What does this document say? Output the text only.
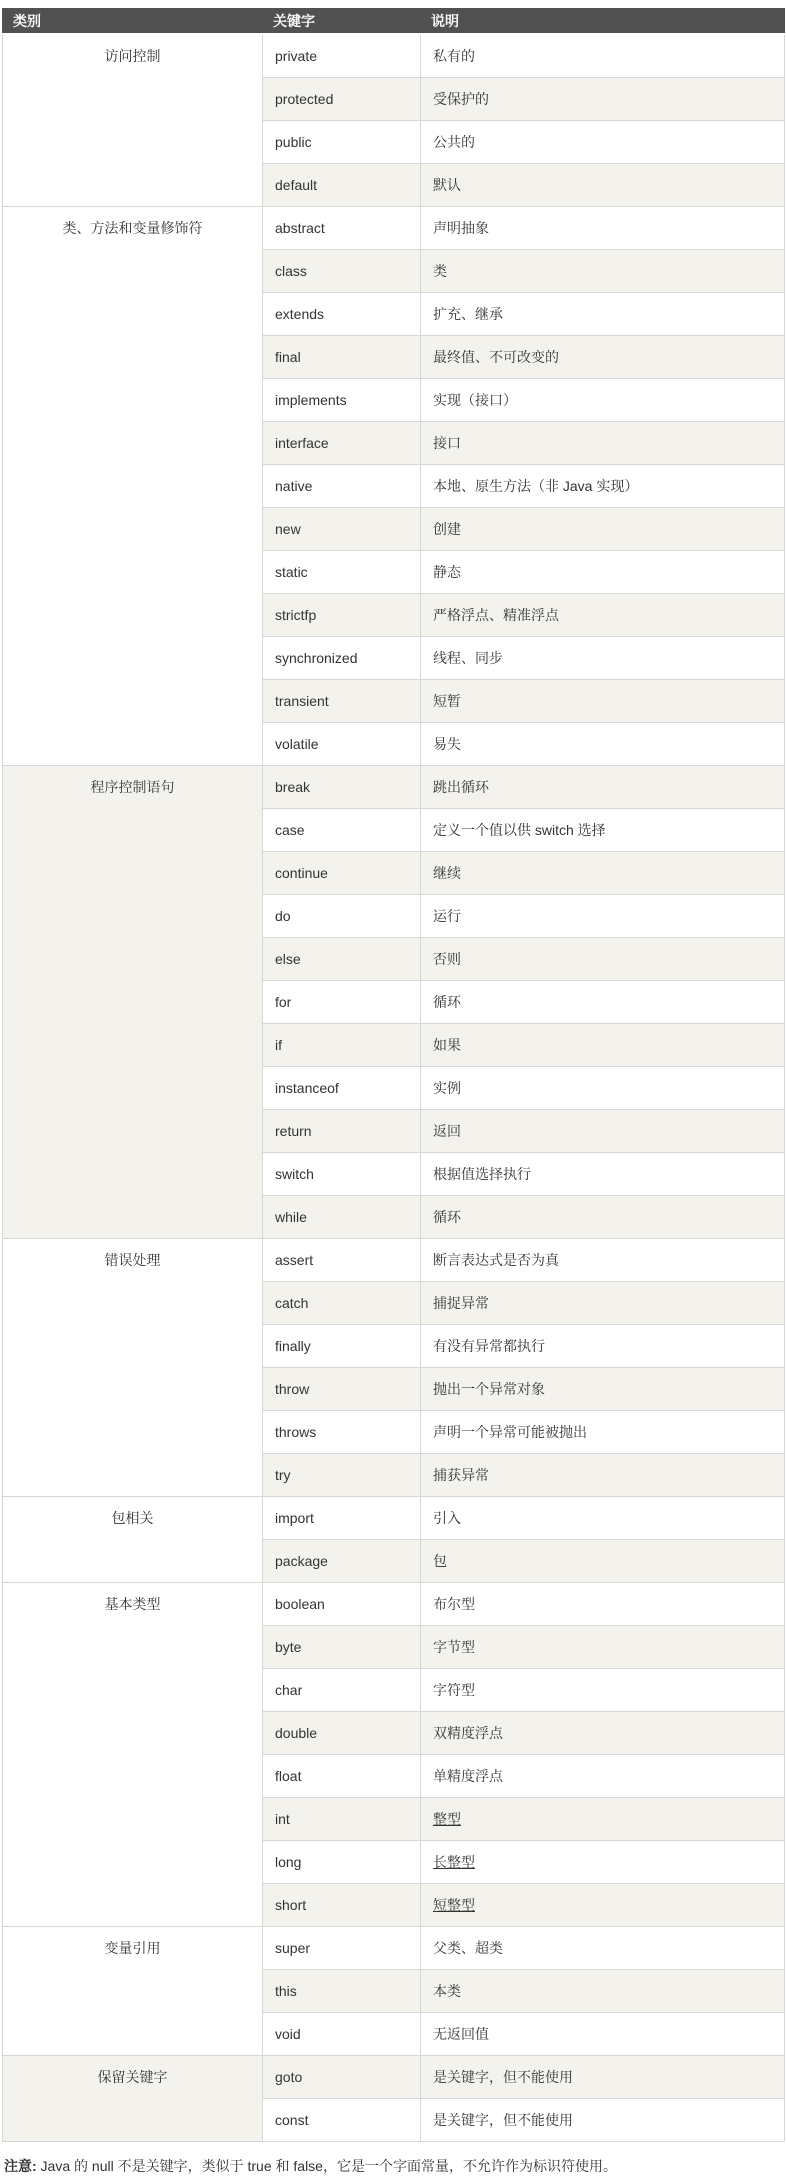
类别	关键字	说明
访问控制	private	私有的
	protected	受保护的
	public	公共的
	default	默认
类、方法和变量修饰符	abstract	声明抽象
	class	类
	extends	扩充、继承
	final	最终值、不可改变的
	implements	实现（接口）
	interface	接口
	native	本地、原生方法（非 Java 实现）
	new	创建
	static	静态
	strictfp	严格浮点、精准浮点
	synchronized	线程、同步
	transient	短暂
	volatile	易失
程序控制语句	break	跳出循环
	case	定义一个值以供 switch 选择
	continue	继续
	do	运行
	else	否则
	for	循环
	if	如果
	instanceof	实例
	return	返回
	switch	根据值选择执行
	while	循环
错误处理	assert	断言表达式是否为真
	catch	捕捉异常
	finally	有没有异常都执行
	throw	抛出一个异常对象
	throws	声明一个异常可能被抛出
	try	捕获异常
包相关	import	引入
	package	包
基本类型	boolean	布尔型
	byte	字节型
	char	字符型
	double	双精度浮点
	float	单精度浮点
	int	整型
	long	长整型
	short	短整型
变量引用	super	父类、超类
	this	本类
	void	无返回值
保留关键字	goto	是关键字，但不能使用
	const	是关键字，但不能使用

注意: Java 的 null 不是关键字，类似于 true 和 false，它是一个字面常量，不允许作为标识符使用。
